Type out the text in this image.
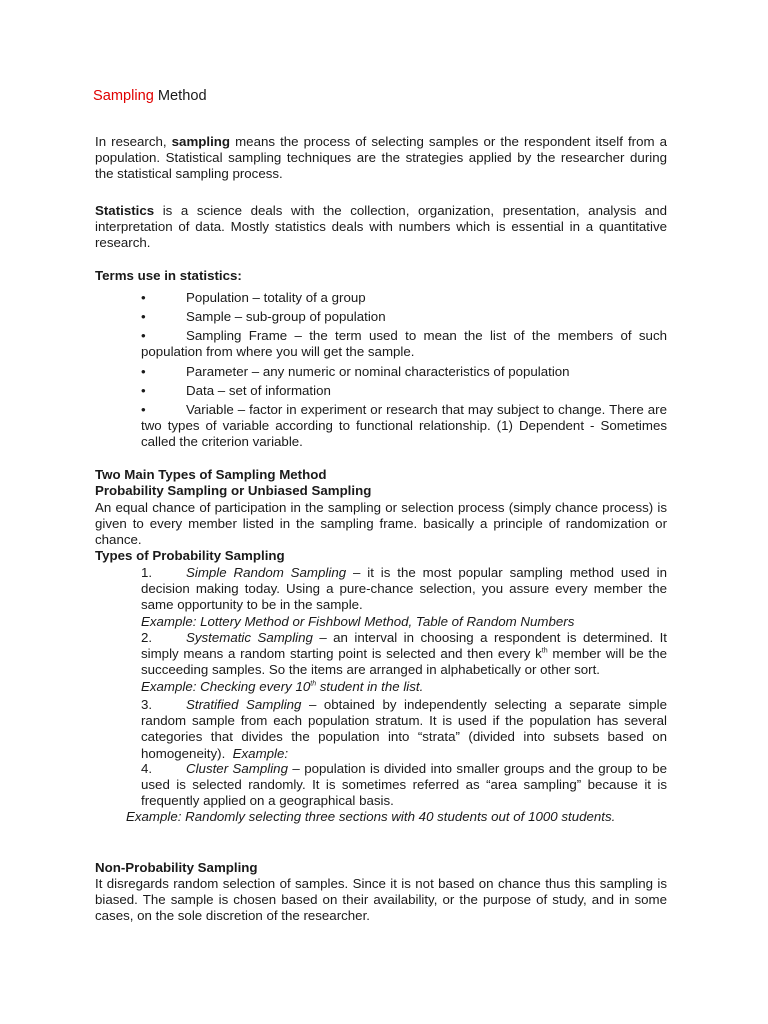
Sampling Method

In research, sampling means the process of selecting samples or the respondent itself from a population. Statistical sampling techniques are the strategies applied by the researcher during the statistical sampling process.

Statistics is a science deals with the collection, organization, presentation, analysis and interpretation of data. Mostly statistics deals with numbers which is essential in a quantitative research.

Terms use in statistics:
•	Population – totality of a group
•	Sample – sub-group of population
•	Sampling Frame – the term used to mean the list of the members of such population from where you will get the sample.
•	Parameter – any numeric or nominal characteristics of population
•	Data – set of information
•	Variable – factor in experiment or research that may subject to change. There are two types of variable according to functional relationship. (1) Dependent - Sometimes called the criterion variable.
Two Main Types of Sampling Method
Probability Sampling or Unbiased Sampling

An equal chance of participation in the sampling or selection process (simply chance process) is given to every member listed in the sampling frame. basically a principle of randomization or chance.

Types of Probability Sampling
1.	Simple Random Sampling – it is the most popular sampling method used in decision making today. Using a pure-chance selection, you assure every member the same opportunity to be in the sample.
Example: Lottery Method or Fishbowl Method, Table of Random Numbers
2.	Systematic Sampling – an interval in choosing a respondent is determined. It simply means a random starting point is selected and then every $k^{th}$ member will be the succeeding samples. So the items are arranged in alphabetically or other sort.
Example: Checking every 10th student in the list.
3.	Stratified Sampling – obtained by independently selecting a separate simple random sample from each population stratum. It is used if the population has several categories that divides the population into “strata” (divided into subsets based on homogeneity). Example:
4.	Cluster Sampling – population is divided into smaller groups and the group to be used is selected randomly. It is sometimes referred as “area sampling” because it is frequently applied on a geographical basis.
Example: Randomly selecting three sections with 40 students out of 1000 students.
Non-Probability Sampling

It disregards random selection of samples. Since it is not based on chance thus this sampling is biased. The sample is chosen based on their availability, or the purpose of study, and in some cases, on the sole discretion of the researcher.
